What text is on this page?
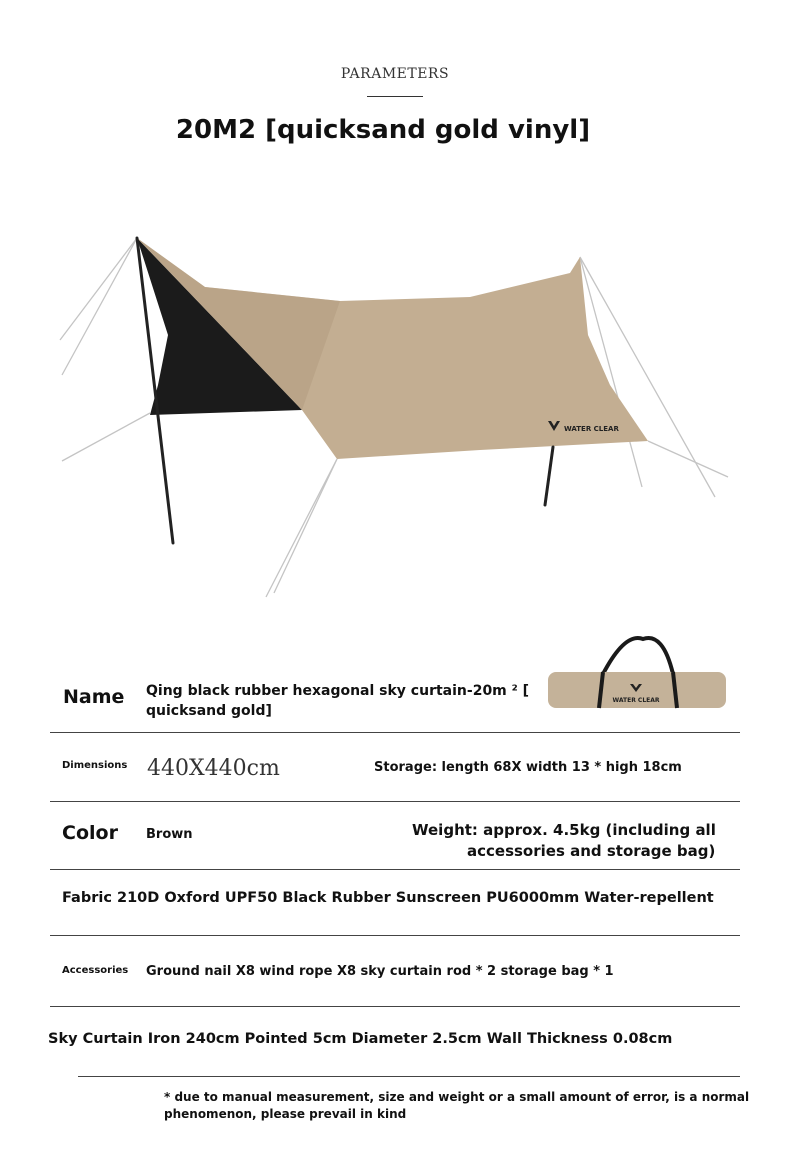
PARAMETERS
20M2 [quicksand gold vinyl]
WATER CLEAR
WATER CLEAR
Name Qing black rubber hexagonal sky curtain-20m ² [
quicksand gold]
Dimensions 440X440cm	Storage: length 68X width 13 * high 18cm
Color Brown	Weight: approx. 4.5kg (including all
accessories and storage bag)
Fabric 210D Oxford UPF50 Black Rubber Sunscreen PU6000mm Water-repellent
Accessories Ground nail X8 wind rope X8 sky curtain rod * 2 storage bag * 1
Sky Curtain Iron 240cm Pointed 5cm Diameter 2.5cm Wall Thickness 0.08cm
* due to manual measurement, size and weight or a small amount of error, is a normal
phenomenon, please prevail in kind
